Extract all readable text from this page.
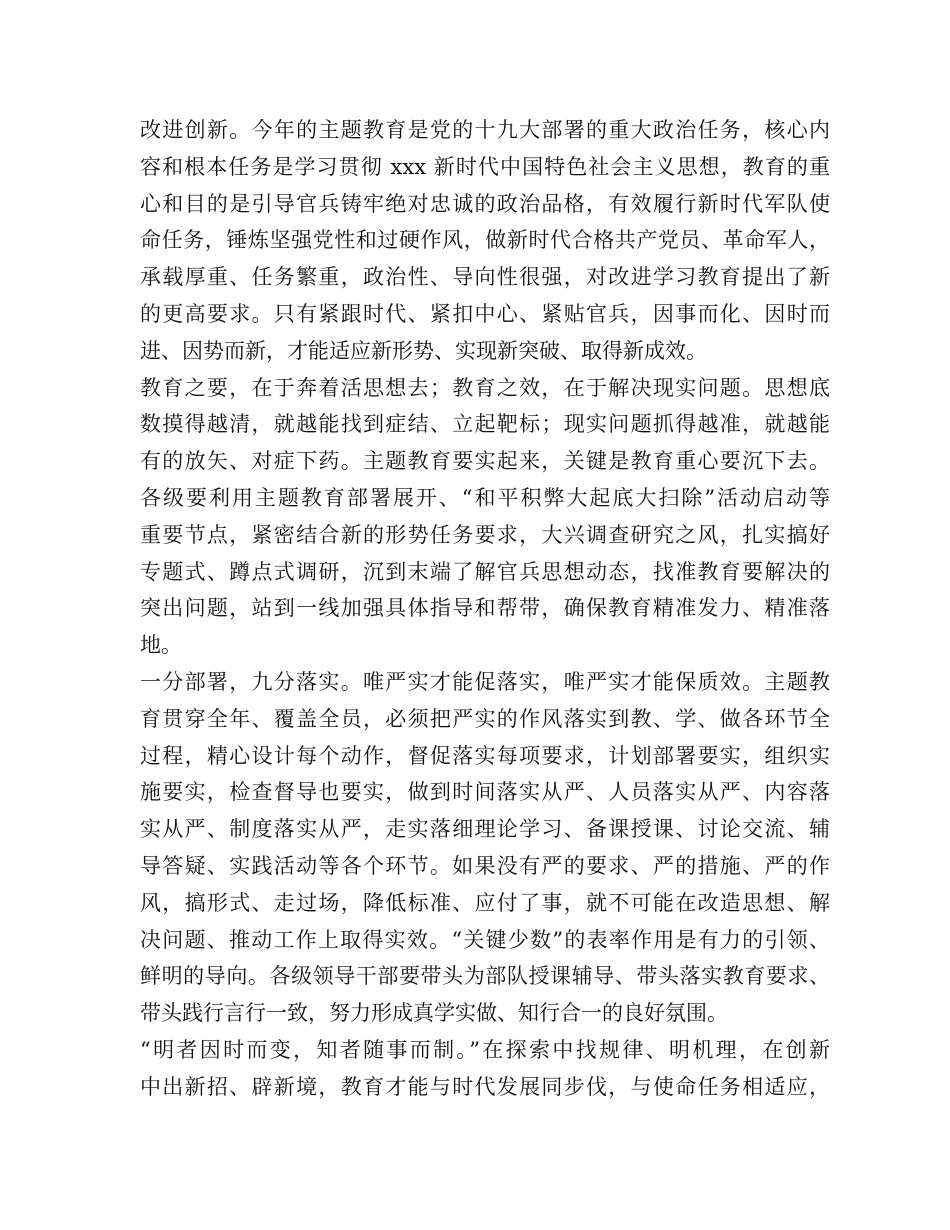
改进创新。今年的主题教育是党的十九大部署的重大政治任务，核心内
容和根本任务是学习贯彻 xxx 新时代中国特色社会主义思想，教育的重
心和目的是引导官兵铸牢绝对忠诚的政治品格，有效履行新时代军队使
命任务，锤炼坚强党性和过硬作风，做新时代合格共产党员、革命军人，
承载厚重、任务繁重，政治性、导向性很强，对改进学习教育提出了新
的更高要求。只有紧跟时代、紧扣中心、紧贴官兵，因事而化、因时而
进、因势而新，才能适应新形势、实现新突破、取得新成效。
教育之要，在于奔着活思想去；教育之效，在于解决现实问题。思想底
数摸得越清，就越能找到症结、立起靶标；现实问题抓得越准，就越能
有的放矢、对症下药。主题教育要实起来，关键是教育重心要沉下去。
各级要利用主题教育部署展开、“和平积弊大起底大扫除”活动启动等
重要节点，紧密结合新的形势任务要求，大兴调查研究之风，扎实搞好
专题式、蹲点式调研，沉到末端了解官兵思想动态，找准教育要解决的
突出问题，站到一线加强具体指导和帮带，确保教育精准发力、精准落
地。
一分部署，九分落实。唯严实才能促落实，唯严实才能保质效。主题教
育贯穿全年、覆盖全员，必须把严实的作风落实到教、学、做各环节全
过程，精心设计每个动作，督促落实每项要求，计划部署要实，组织实
施要实，检查督导也要实，做到时间落实从严、人员落实从严、内容落
实从严、制度落实从严，走实落细理论学习、备课授课、讨论交流、辅
导答疑、实践活动等各个环节。如果没有严的要求、严的措施、严的作
风，搞形式、走过场，降低标准、应付了事，就不可能在改造思想、解
决问题、推动工作上取得实效。“关键少数”的表率作用是有力的引领、
鲜明的导向。各级领导干部要带头为部队授课辅导、带头落实教育要求、
带头践行言行一致，努力形成真学实做、知行合一的良好氛围。
“明者因时而变，知者随事而制。”在探索中找规律、明机理，在创新
中出新招、辟新境，教育才能与时代发展同步伐，与使命任务相适应，
